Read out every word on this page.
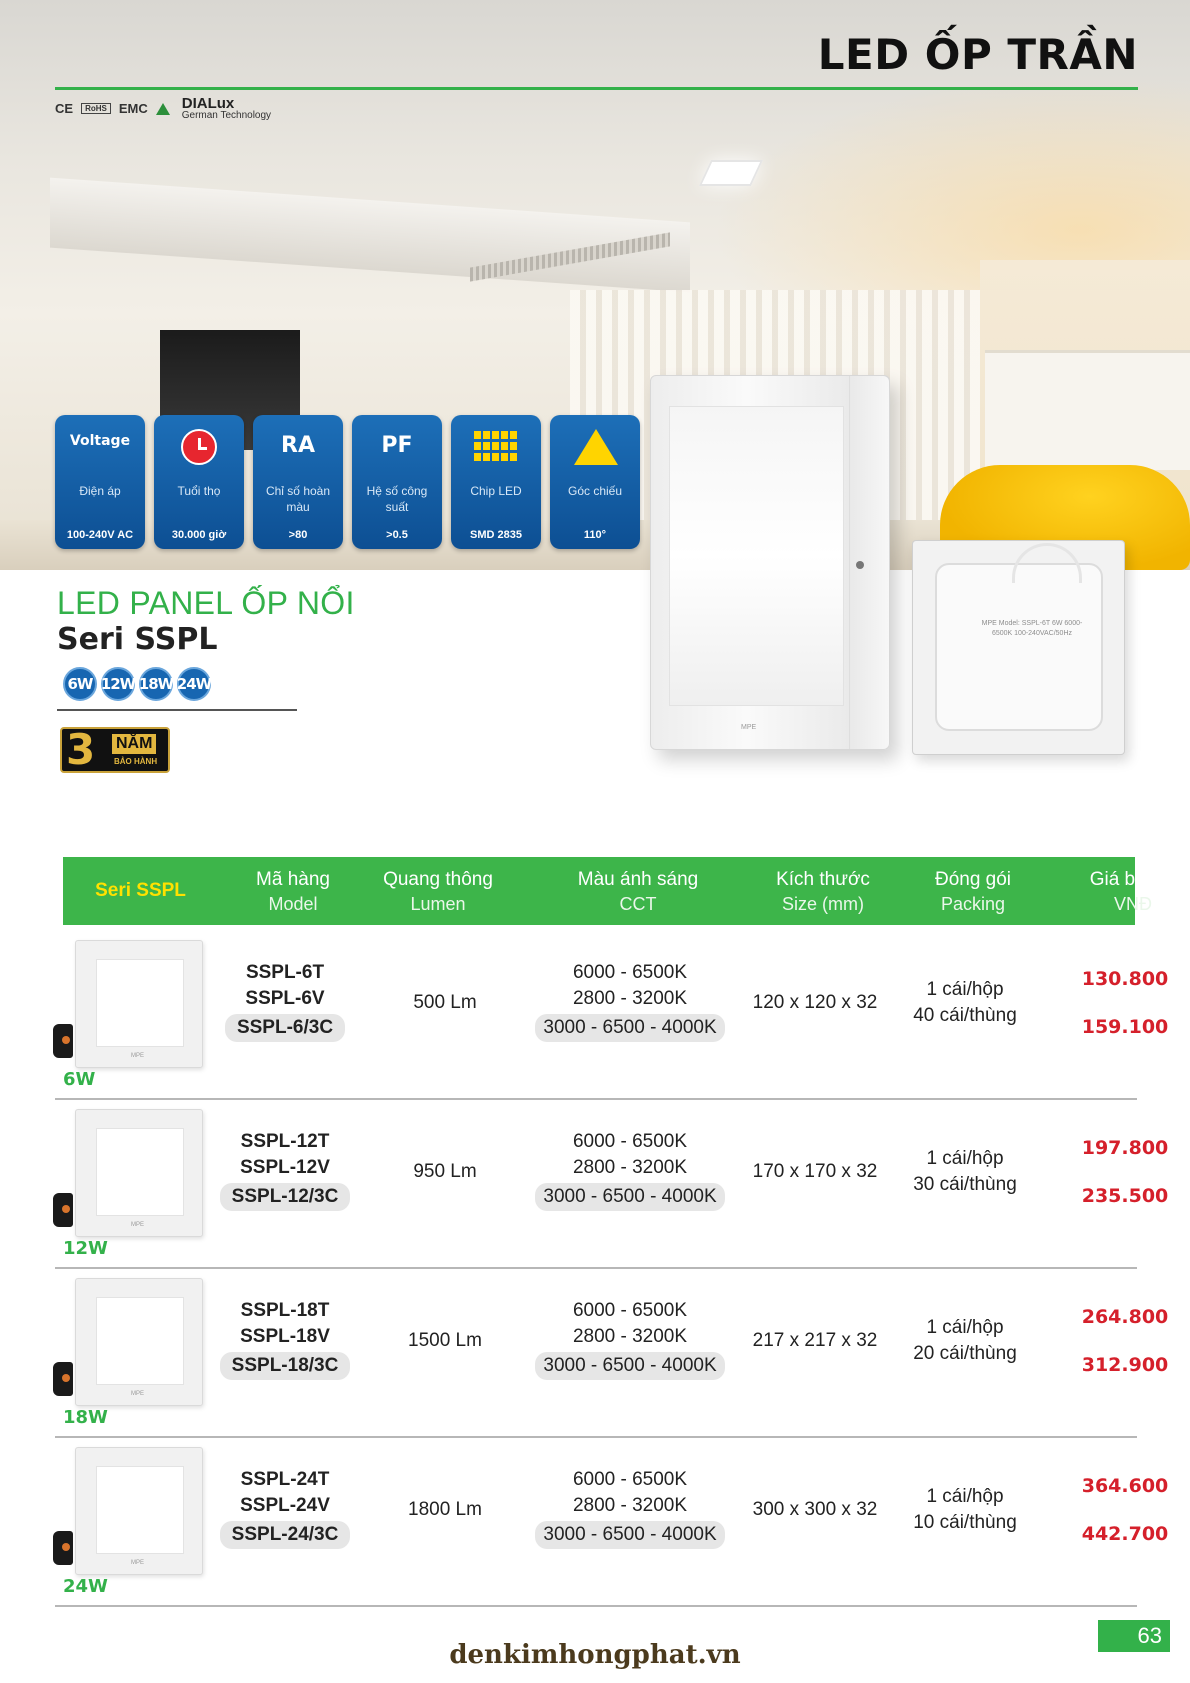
LED ỐP TRẦN
CE	RoHS EMC DIALux
German Technology
Voltage
Điện áp
100-240V AC
Tuổi thọ
30.000 giờ
RA
Chỉ số hoàn màu
>80
PF
Hệ số công suất
>0.5
Chip LED
SMD 2835
Góc chiếu
110°
MPE
MPE Model: SSPL-6T 6W 6000-6500K 100-240VAC/50Hz
LED PANEL ỐP NỔI
Seri SSPL
6W 12W 18W 24W
3 NĂM
BẢO HÀNH
Seri SSPL
Mã hàng
Model
Quang thông
Lumen
Màu ánh sáng
CCT
Kích thước
Size (mm)
Đóng gói
Packing
Giá bán lẻ
VNĐ
MPE
6W
SSPL-6T
SSPL-6V
SSPL-6/3C
500 Lm
6000 - 6500K
2800 - 3200K
3000 - 6500 - 4000K
120 x 120 x 32
1 cái/hộp
40 cái/thùng
130.800
159.100
MPE
12W
SSPL-12T
SSPL-12V
SSPL-12/3C
950 Lm
6000 - 6500K
2800 - 3200K
3000 - 6500 - 4000K
170 x 170 x 32
1 cái/hộp
30 cái/thùng
197.800
235.500
MPE
18W
SSPL-18T
SSPL-18V
SSPL-18/3C
1500 Lm
6000 - 6500K
2800 - 3200K
3000 - 6500 - 4000K
217 x 217 x 32
1 cái/hộp
20 cái/thùng
264.800
312.900
MPE
24W
SSPL-24T
SSPL-24V
SSPL-24/3C
1800 Lm
6000 - 6500K
2800 - 3200K
3000 - 6500 - 4000K
300 x 300 x 32
1 cái/hộp
10 cái/thùng
364.600
442.700
63
denkimhongphat.vn
